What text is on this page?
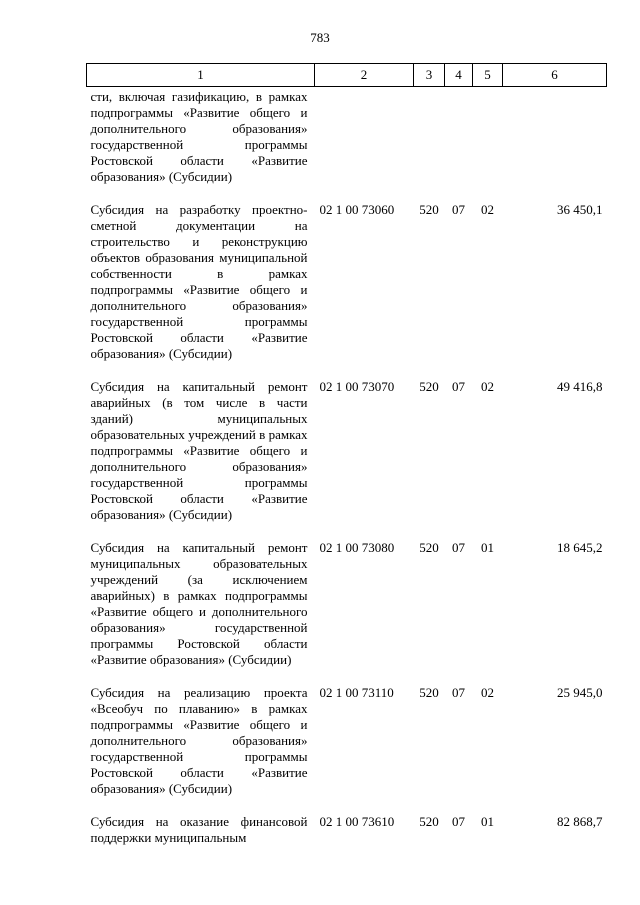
783
1	2	3	4	5	6
сти, включая газификацию, в рамках подпрограммы «Развитие общего и дополнительного образования» государственной программы Ростовской области «Развитие образования» (Субсидии)					
Субсидия на разработку проектно-сметной документации на строительство и реконструкцию объектов образования муниципальной собственности в рамках подпрограммы «Развитие общего и дополнительного образования» государственной программы Ростовской области «Развитие образования» (Субсидии)	02 1 00 73060	520	07	02	36 450,1
Субсидия на капитальный ремонт аварийных (в том числе в части зданий) муниципальных образовательных учреждений в рамках подпрограммы «Развитие общего и дополнительного образования» государственной программы Ростовской области «Развитие образования» (Субсидии)	02 1 00 73070	520	07	02	49 416,8
Субсидия на капитальный ремонт муниципальных образовательных учреждений (за исключением аварийных) в рамках подпрограммы «Развитие общего и дополнительного образования» государственной программы Ростовской области «Развитие образования» (Субсидии)	02 1 00 73080	520	07	01	18 645,2
Субсидия на реализацию проекта «Всеобуч по плаванию» в рамках подпрограммы «Развитие общего и дополнительного образования» государственной программы Ростовской области «Развитие образования» (Субсидии)	02 1 00 73110	520	07	02	25 945,0
Субсидия на оказание финансовой поддержки муниципальным	02 1 00 73610	520	07	01	82 868,7
